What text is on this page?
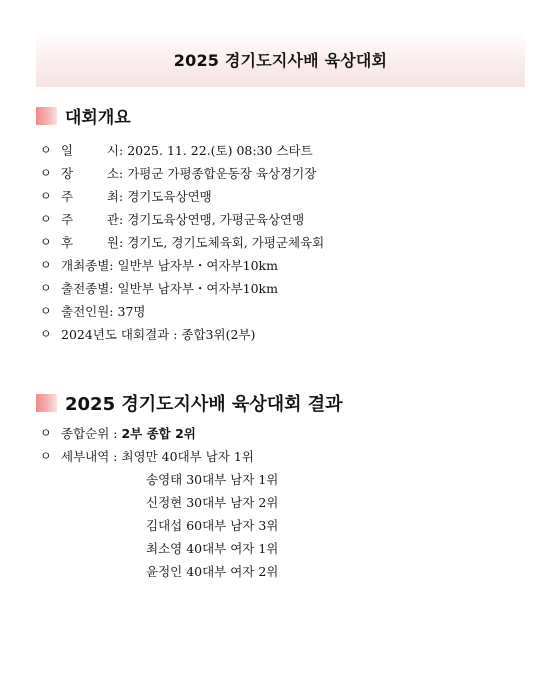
2025 경기도지사배 육상대회
대회개요
ㅇ 일	시 : 2025. 11. 22.(토) 08:30 스타트
ㅇ 장	소 : 가평군 가평종합운동장 육상경기장
ㅇ 주	최 : 경기도육상연맹
ㅇ 주	관 : 경기도육상연맹, 가평군육상연맹
ㅇ 후	원 : 경기도, 경기도체육회, 가평군체육회
ㅇ 개최종별: 일반부 남자부・여자부10km
ㅇ 출전종별: 일반부 남자부・여자부10km
ㅇ 출전인원: 37명
ㅇ 2024년도 대회결과 : 종합3위(2부)
2025 경기도지사배 육상대회 결과
ㅇ 종합순위 : 2부 종합 2위
ㅇ 세부내역 : 최영만 40대부 남자 1위
송영태 30대부 남자 1위
신정현 30대부 남자 2위
김대섭 60대부 남자 3위
최소영 40대부 여자 1위
윤정인 40대부 여자 2위
